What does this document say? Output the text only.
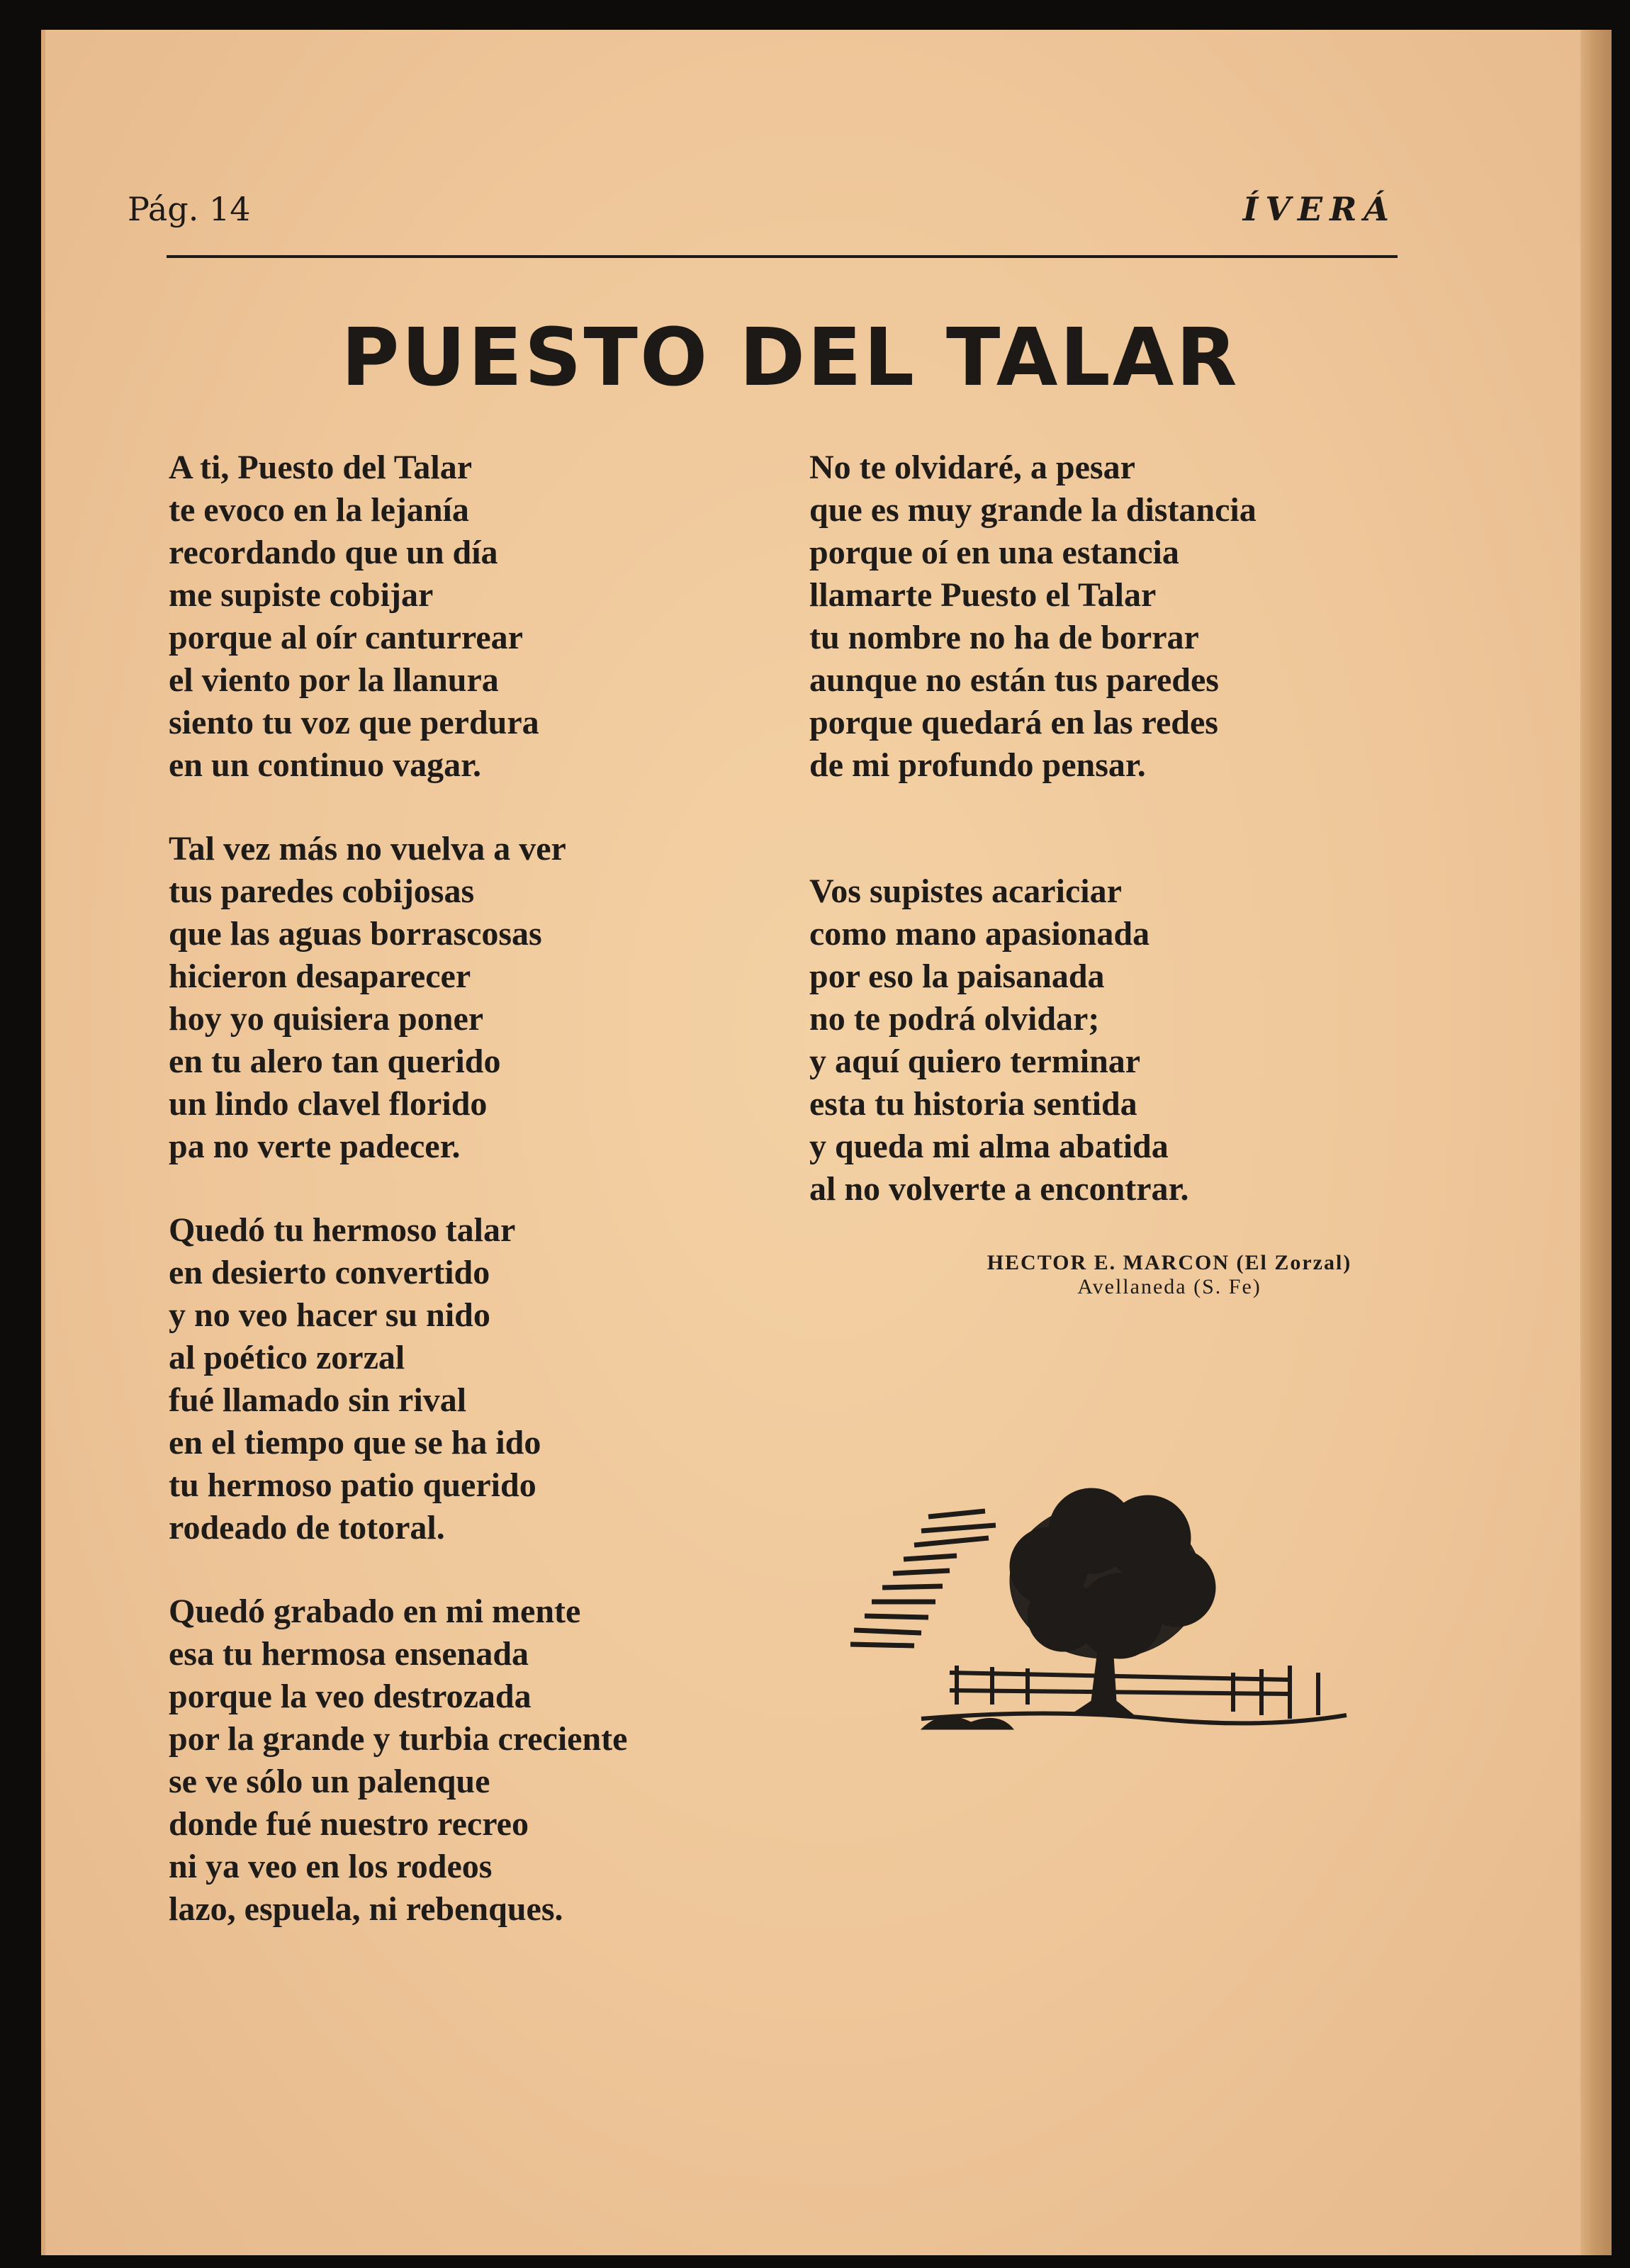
Pág. 14	ÍVERÁ
PUESTO DEL TALAR
A ti, Puesto del Talar
te evoco en la lejanía
recordando que un día
me supiste cobijar
porque al oír canturrear
el viento por la llanura
siento tu voz que perdura
en un continuo vagar.
Tal vez más no vuelva a ver
tus paredes cobijosas
que las aguas borrascosas
hicieron desaparecer
hoy yo quisiera poner
en tu alero tan querido
un lindo clavel florido
pa no verte padecer.
Quedó tu hermoso talar
en desierto convertido
y no veo hacer su nido
al poético zorzal
fué llamado sin rival
en el tiempo que se ha ido
tu hermoso patio querido
rodeado de totoral.
Quedó grabado en mi mente
esa tu hermosa ensenada
porque la veo destrozada
por la grande y turbia creciente
se ve sólo un palenque
donde fué nuestro recreo
ni ya veo en los rodeos
lazo, espuela, ni rebenques.
No te olvidaré, a pesar
que es muy grande la distancia
porque oí en una estancia
llamarte Puesto el Talar
tu nombre no ha de borrar
aunque no están tus paredes
porque quedará en las redes
de mi profundo pensar.
Vos supistes acariciar
como mano apasionada
por eso la paisanada
no te podrá olvidar;
y aquí quiero terminar
esta tu historia sentida
y queda mi alma abatida
al no volverte a encontrar.
HECTOR E. MARCON (El Zorzal)
Avellaneda (S. Fe)
